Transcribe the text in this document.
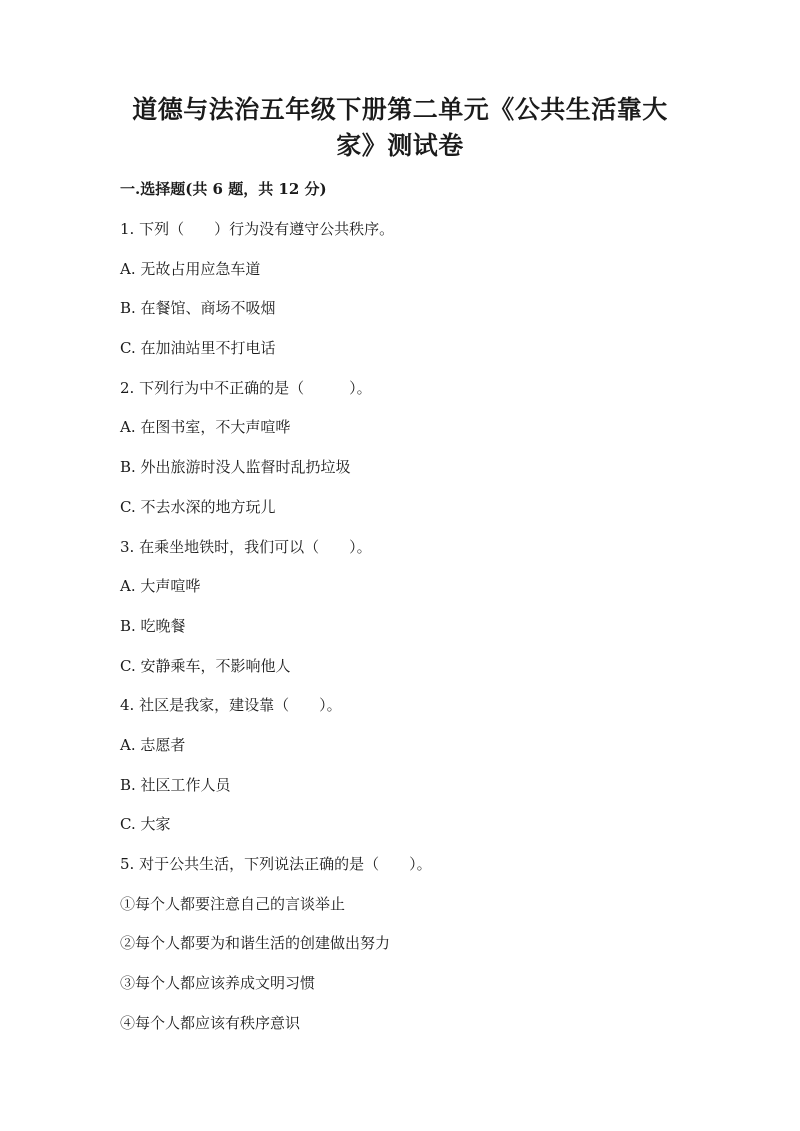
道德与法治五年级下册第二单元《公共生活靠大
家》测试卷
一.选择题(共 6 题，共 12 分)
1. 下列（　　）行为没有遵守公共秩序。
A. 无故占用应急车道
B. 在餐馆、商场不吸烟
C. 在加油站里不打电话
2. 下列行为中不正确的是（　　　）。
A. 在图书室，不大声喧哗
B. 外出旅游时没人监督时乱扔垃圾
C. 不去水深的地方玩儿
3. 在乘坐地铁时，我们可以（　　）。
A. 大声喧哗
B. 吃晚餐
C. 安静乘车，不影响他人
4. 社区是我家，建设靠（　　）。
A. 志愿者
B. 社区工作人员
C. 大家
5. 对于公共生活，下列说法正确的是（　　）。
①每个人都要注意自己的言谈举止
②每个人都要为和谐生活的创建做出努力
③每个人都应该养成文明习惯
④每个人都应该有秩序意识
